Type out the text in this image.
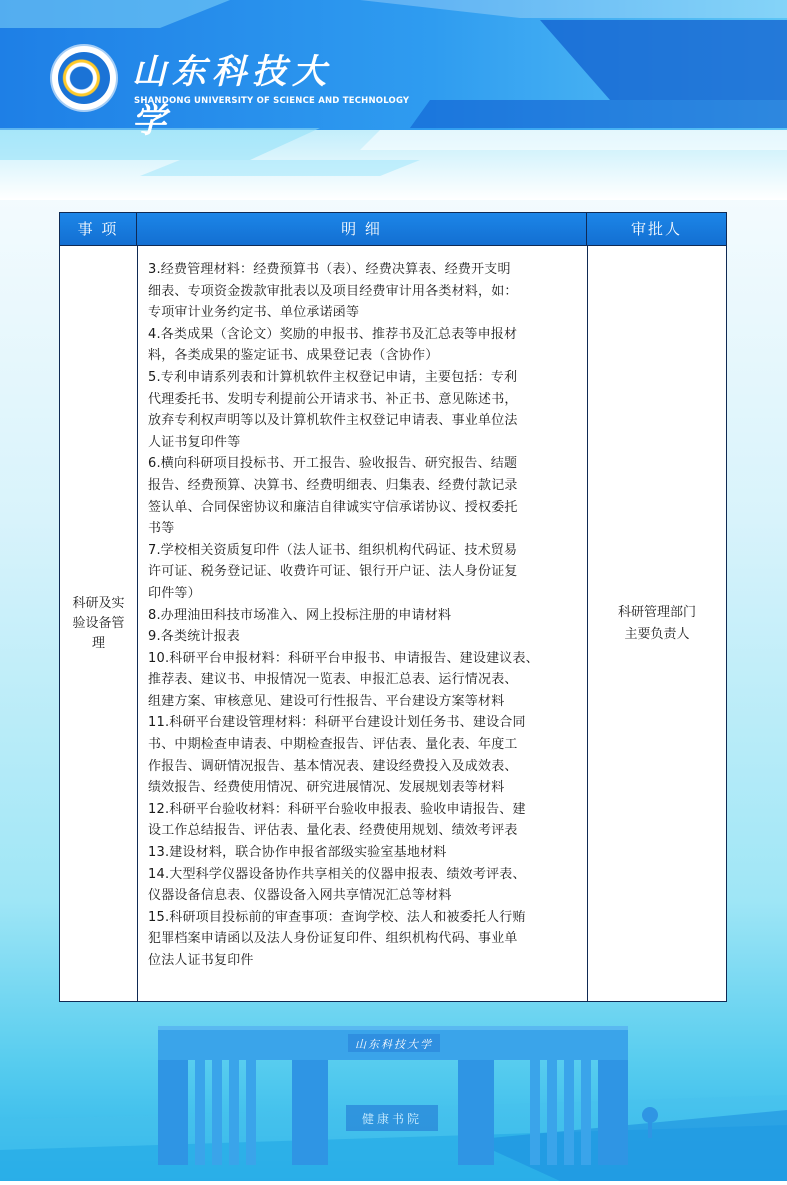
山东科技大学
SHANDONG UNIVERSITY OF SCIENCE AND TECHNOLOGY
事 项	明 细	审批人
科研及实
验设备管
理
3.经费管理材料：经费预算书（表）、经费决算表、经费开支明
细表、专项资金拨款审批表以及项目经费审计用各类材料，如：
专项审计业务约定书、单位承诺函等
4.各类成果（含论文）奖励的申报书、推荐书及汇总表等申报材
料，各类成果的鉴定证书、成果登记表（含协作）
5.专利申请系列表和计算机软件主权登记申请，主要包括：专利
代理委托书、发明专利提前公开请求书、补正书、意见陈述书，
放弃专利权声明等以及计算机软件主权登记申请表、事业单位法
人证书复印件等
6.横向科研项目投标书、开工报告、验收报告、研究报告、结题
报告、经费预算、决算书、经费明细表、归集表、经费付款记录
签认单、合同保密协议和廉洁自律诚实守信承诺协议、授权委托
书等
7.学校相关资质复印件（法人证书、组织机构代码证、技术贸易
许可证、税务登记证、收费许可证、银行开户证、法人身份证复
印件等）
8.办理油田科技市场准入、网上投标注册的申请材料
9.各类统计报表
10.科研平台申报材料：科研平台申报书、申请报告、建设建议表、
推荐表、建议书、申报情况一览表、申报汇总表、运行情况表、
组建方案、审核意见、建设可行性报告、平台建设方案等材料
11.科研平台建设管理材料：科研平台建设计划任务书、建设合同
书、中期检查申请表、中期检查报告、评估表、量化表、年度工
作报告、调研情况报告、基本情况表、建设经费投入及成效表、
绩效报告、经费使用情况、研究进展情况、发展规划表等材料
12.科研平台验收材料：科研平台验收申报表、验收申请报告、建
设工作总结报告、评估表、量化表、经费使用规划、绩效考评表
13.建设材料，联合协作申报省部级实验室基地材料
14.大型科学仪器设备协作共享相关的仪器申报表、绩效考评表、
仪器设备信息表、仪器设备入网共享情况汇总等材料
15.科研项目投标前的审查事项：查询学校、法人和被委托人行贿
犯罪档案申请函以及法人身份证复印件、组织机构代码、事业单
位法人证书复印件
科研管理部门
主要负责人
山东科技大学
健康书院
